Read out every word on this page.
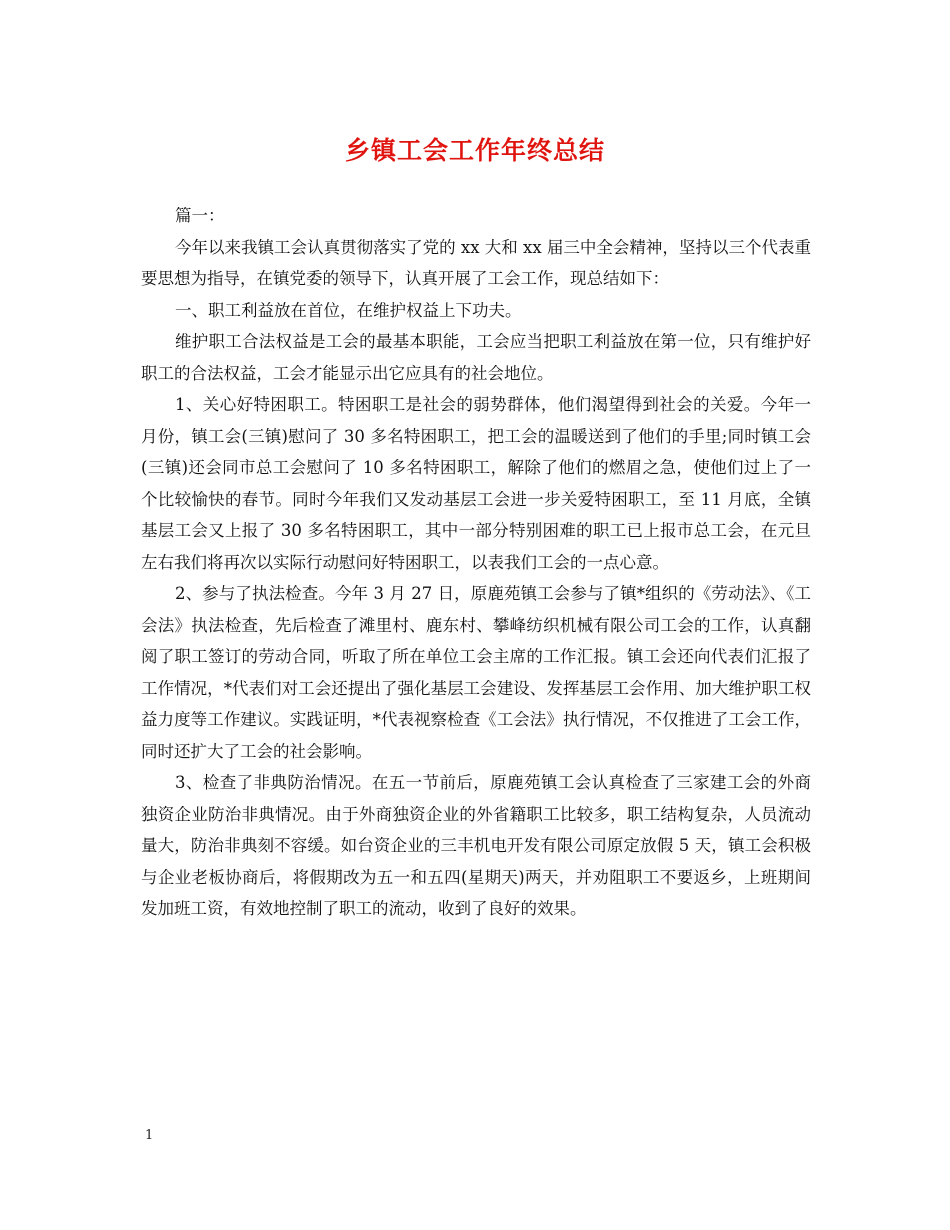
乡镇工会工作年终总结

篇一：

今年以来我镇工会认真贯彻落实了党的 xx 大和 xx 届三中全会精神，坚持以三个代表重要思想为指导，在镇党委的领导下，认真开展了工会工作，现总结如下：

一、职工利益放在首位，在维护权益上下功夫。

维护职工合法权益是工会的最基本职能，工会应当把职工利益放在第一位，只有维护好职工的合法权益，工会才能显示出它应具有的社会地位。

1、关心好特困职工。特困职工是社会的弱势群体，他们渴望得到社会的关爱。今年一月份，镇工会(三镇)慰问了 30 多名特困职工，把工会的温暖送到了他们的手里;同时镇工会(三镇)还会同市总工会慰问了 10 多名特困职工，解除了他们的燃眉之急，使他们过上了一个比较愉快的春节。同时今年我们又发动基层工会进一步关爱特困职工，至 11 月底，全镇基层工会又上报了 30 多名特困职工，其中一部分特别困难的职工已上报市总工会，在元旦左右我们将再次以实际行动慰问好特困职工，以表我们工会的一点心意。

2、参与了执法检查。今年 3 月 27 日，原鹿苑镇工会参与了镇*组织的《劳动法》、《工会法》执法检查，先后检查了滩里村、鹿东村、攀峰纺织机械有限公司工会的工作，认真翻阅了职工签订的劳动合同，听取了所在单位工会主席的工作汇报。镇工会还向代表们汇报了工作情况，*代表们对工会还提出了强化基层工会建设、发挥基层工会作用、加大维护职工权益力度等工作建议。实践证明，*代表视察检查《工会法》执行情况，不仅推进了工会工作，同时还扩大了工会的社会影响。

3、检查了非典防治情况。在五一节前后，原鹿苑镇工会认真检查了三家建工会的外商独资企业防治非典情况。由于外商独资企业的外省籍职工比较多，职工结构复杂，人员流动量大，防治非典刻不容缓。如台资企业的三丰机电开发有限公司原定放假 5 天，镇工会积极与企业老板协商后，将假期改为五一和五四(星期天)两天，并劝阻职工不要返乡，上班期间发加班工资，有效地控制了职工的流动，收到了良好的效果。

1
